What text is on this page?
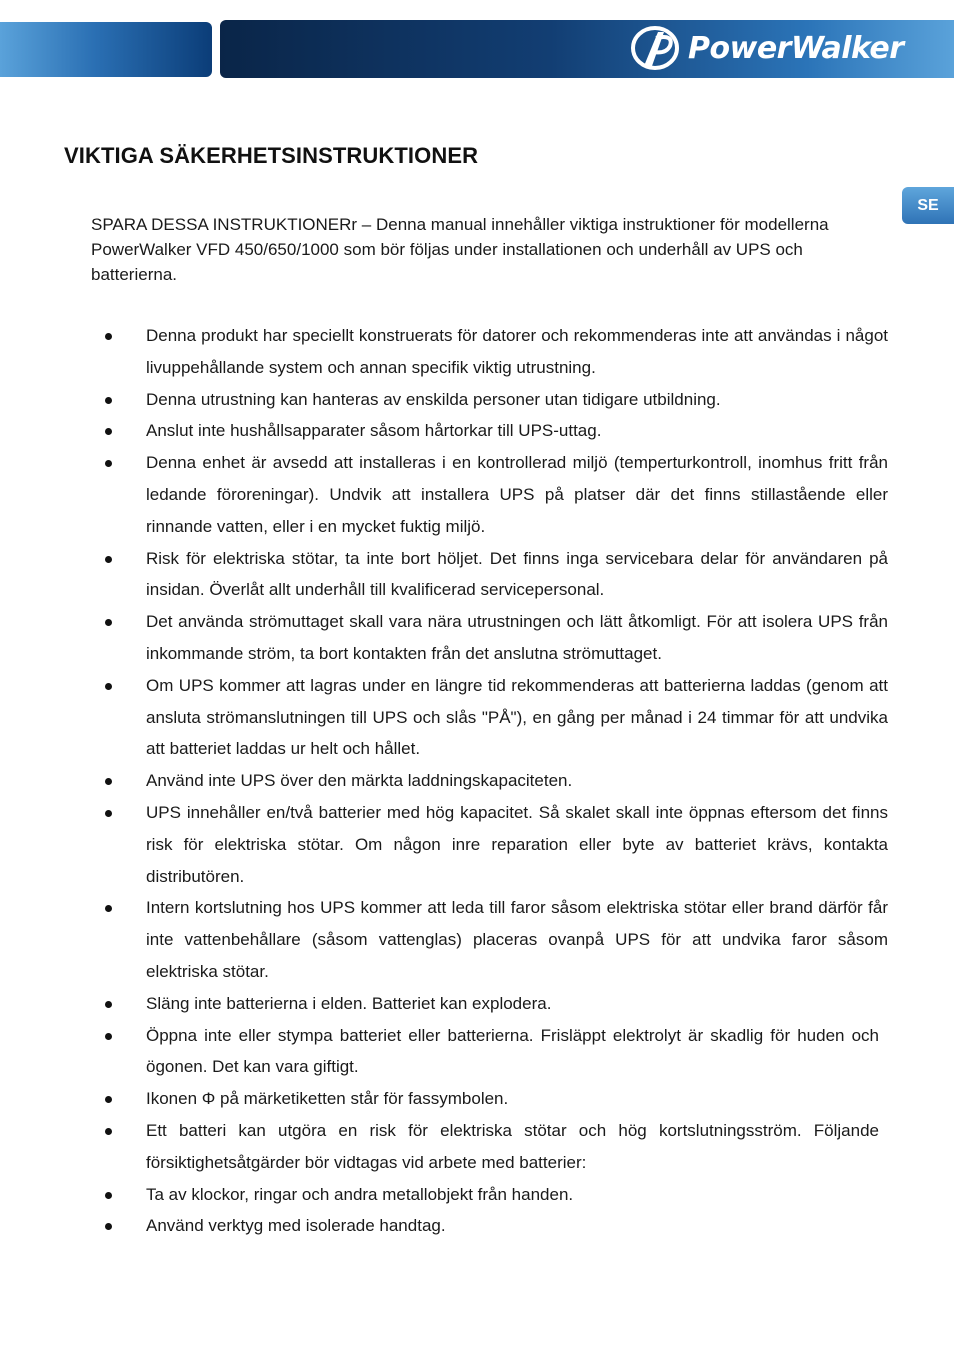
PowerWalker
SE
VIKTIGA SÄKERHETSINSTRUKTIONER

SPARA DESSA INSTRUKTIONERr – Denna manual innehåller viktiga instruktioner för modellerna PowerWalker VFD 450/650/1000 som bör följas under installationen och underhåll av UPS och batterierna.

Denna produkt har speciellt konstruerats för datorer och rekommenderas inte att användas i något livuppehållande system och annan specifik viktig utrustning.
Denna utrustning kan hanteras av enskilda personer utan tidigare utbildning.
Anslut inte hushållsapparater såsom hårtorkar till UPS-uttag.
Denna enhet är avsedd att installeras i en kontrollerad miljö (temperturkontroll, inomhus fritt från ledande föroreningar). Undvik att installera UPS på platser där det finns stillastående eller rinnande vatten, eller i en mycket fuktig miljö.
Risk för elektriska stötar, ta inte bort höljet. Det finns inga servicebara delar för användaren på insidan. Överlåt allt underhåll till kvalificerad servicepersonal.
Det använda strömuttaget skall vara nära utrustningen och lätt åtkomligt. För att isolera UPS från inkommande ström, ta bort kontakten från det anslutna strömuttaget.
Om UPS kommer att lagras under en längre tid rekommenderas att batterierna laddas (genom att ansluta strömanslutningen till UPS och slås "PÅ"), en gång per månad i 24 timmar för att undvika att batteriet laddas ur helt och hållet.
Använd inte UPS över den märkta laddningskapaciteten.
UPS innehåller en/två batterier med hög kapacitet. Så skalet skall inte öppnas eftersom det finns risk för elektriska stötar. Om någon inre reparation eller byte av batteriet krävs, kontakta distributören.
Intern kortslutning hos UPS kommer att leda till faror såsom elektriska stötar eller brand därför får inte vattenbehållare (såsom vattenglas) placeras ovanpå UPS för att undvika faror såsom elektriska stötar.
Släng inte batterierna i elden. Batteriet kan explodera.
Öppna inte eller stympa batteriet eller batterierna. Frisläppt elektrolyt är skadlig för huden och ögonen. Det kan vara giftigt.
Ikonen Φ på märketiketten står för fassymbolen.
Ett batteri kan utgöra en risk för elektriska stötar och hög kortslutningsström. Följande försiktighetsåtgärder bör vidtagas vid arbete med batterier:
Ta av klockor, ringar och andra metallobjekt från handen.
Använd verktyg med isolerade handtag.
